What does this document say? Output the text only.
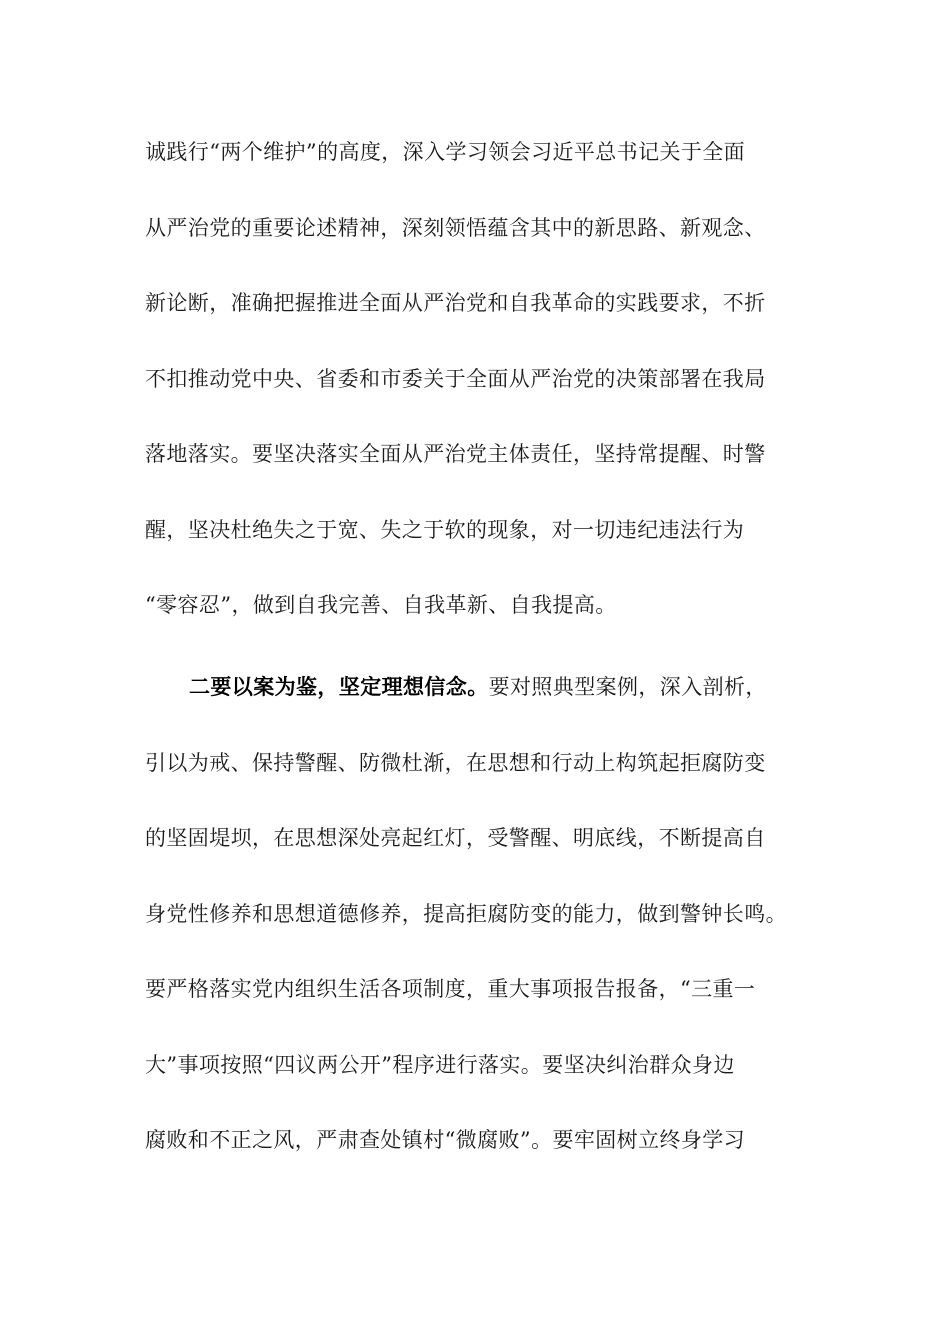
诚践行“两个维护”的高度，深入学习领会习近平总书记关于全面
从严治党的重要论述精神，深刻领悟蕴含其中的新思路、新观念、
新论断，准确把握推进全面从严治党和自我革命的实践要求，不折
不扣推动党中央、省委和市委关于全面从严治党的决策部署在我局
落地落实。要坚决落实全面从严治党主体责任，坚持常提醒、时警
醒，坚决杜绝失之于宽、失之于软的现象，对一切违纪违法行为
“零容忍”，做到自我完善、自我革新、自我提高。
二要以案为鉴，坚定理想信念。要对照典型案例，深入剖析，
引以为戒、保持警醒、防微杜渐，在思想和行动上构筑起拒腐防变
的坚固堤坝，在思想深处亮起红灯，受警醒、明底线，不断提高自
身党性修养和思想道德修养，提高拒腐防变的能力，做到警钟长鸣。
要严格落实党内组织生活各项制度，重大事项报告报备，“三重一
大”事项按照“四议两公开”程序进行落实。要坚决纠治群众身边
腐败和不正之风，严肃查处镇村“微腐败”。要牢固树立终身学习
